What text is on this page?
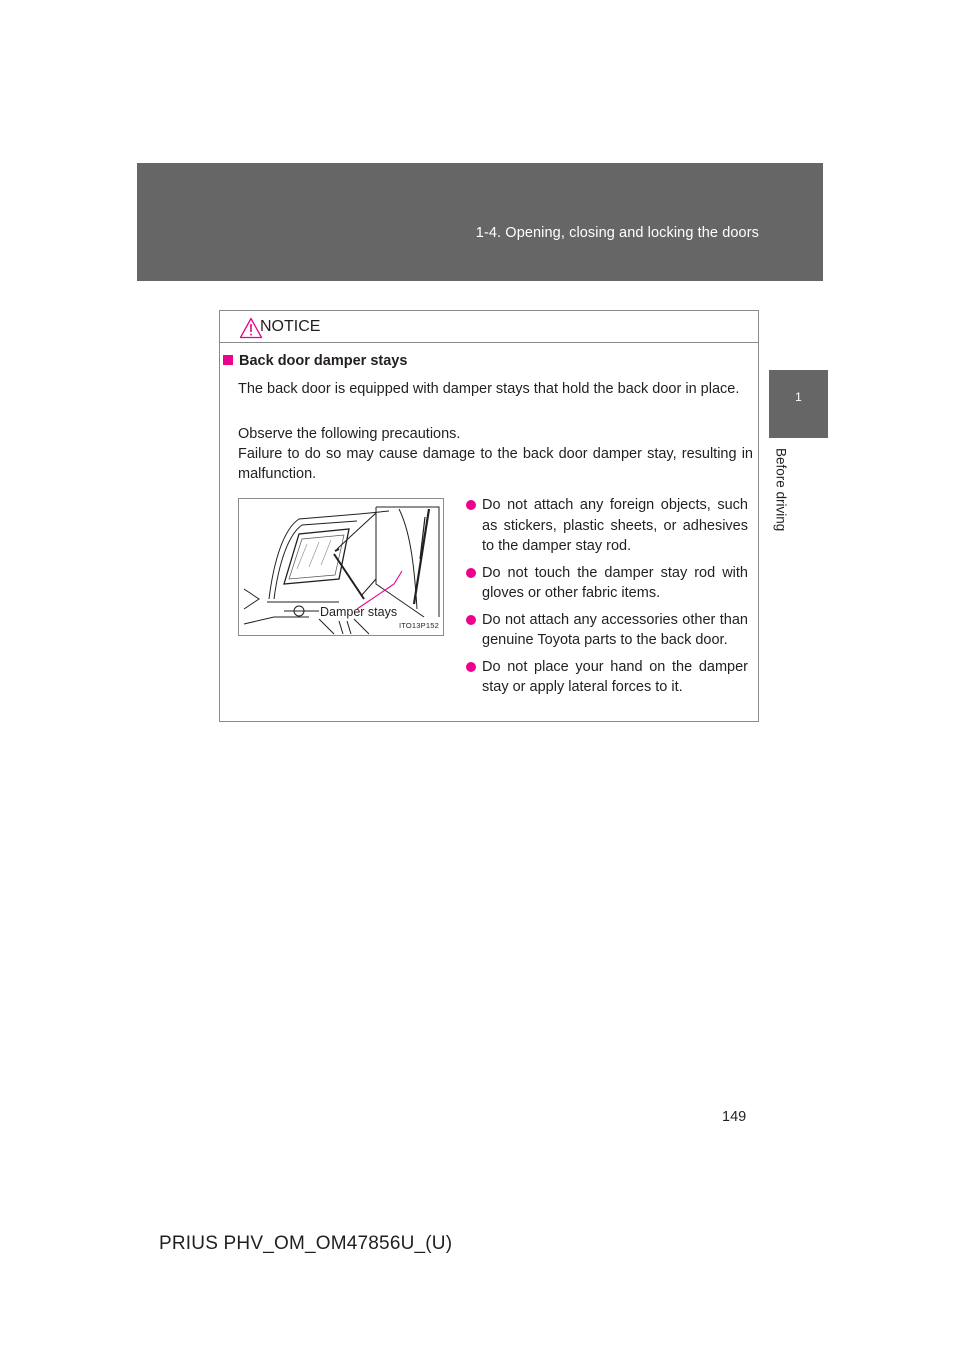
1-4. Opening, closing and locking the doors
1
Before driving
NOTICE
Back door damper stays
The back door is equipped with damper stays that hold the back door in place.
Observe the following precautions.
Failure to do so may cause damage to the back door damper stay, resulting in malfunction.
Damper stays
ITO13P152
Do not attach any foreign objects, such as stickers, plastic sheets, or adhesives to the damper stay rod.
Do not touch the damper stay rod with gloves or other fabric items.
Do not attach any accessories other than genuine Toyota parts to the back door.
Do not place your hand on the damper stay or apply lateral forces to it.
149
PRIUS PHV_OM_OM47856U_(U)
